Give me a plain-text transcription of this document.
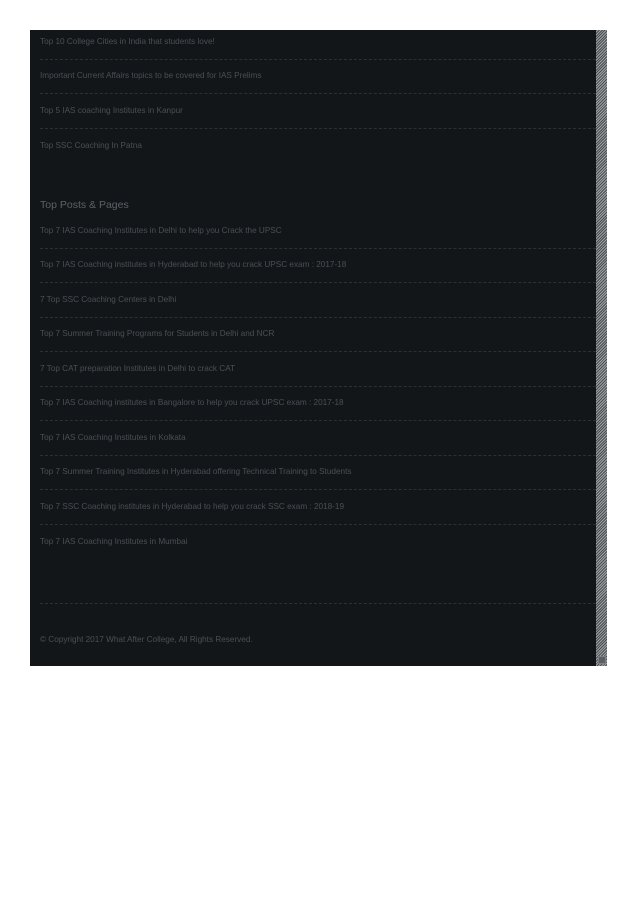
Top 10 College Cities in India that students love!
Important Current Affairs topics to be covered for IAS Prelims
Top 5 IAS coaching Institutes in Kanpur
Top SSC Coaching In Patna
Top Posts & Pages
Top 7 IAS Coaching Institutes in Delhi to help you Crack the UPSC
Top 7 IAS Coaching institutes in Hyderabad to help you crack UPSC exam : 2017-18
7 Top SSC Coaching Centers in Delhi
Top 7 Summer Training Programs for Students in Delhi and NCR
7 Top CAT preparation Institutes in Delhi to crack CAT
Top 7 IAS Coaching institutes in Bangalore to help you crack UPSC exam : 2017-18
Top 7 IAS Coaching Institutes in Kolkata
Top 7 Summer Training Institutes in Hyderabad offering Technical Training to Students
Top 7 SSC Coaching institutes in Hyderabad to help you crack SSC exam : 2018-19
Top 7 IAS Coaching Institutes in Mumbai
© Copyright 2017 What After College, All Rights Reserved.
